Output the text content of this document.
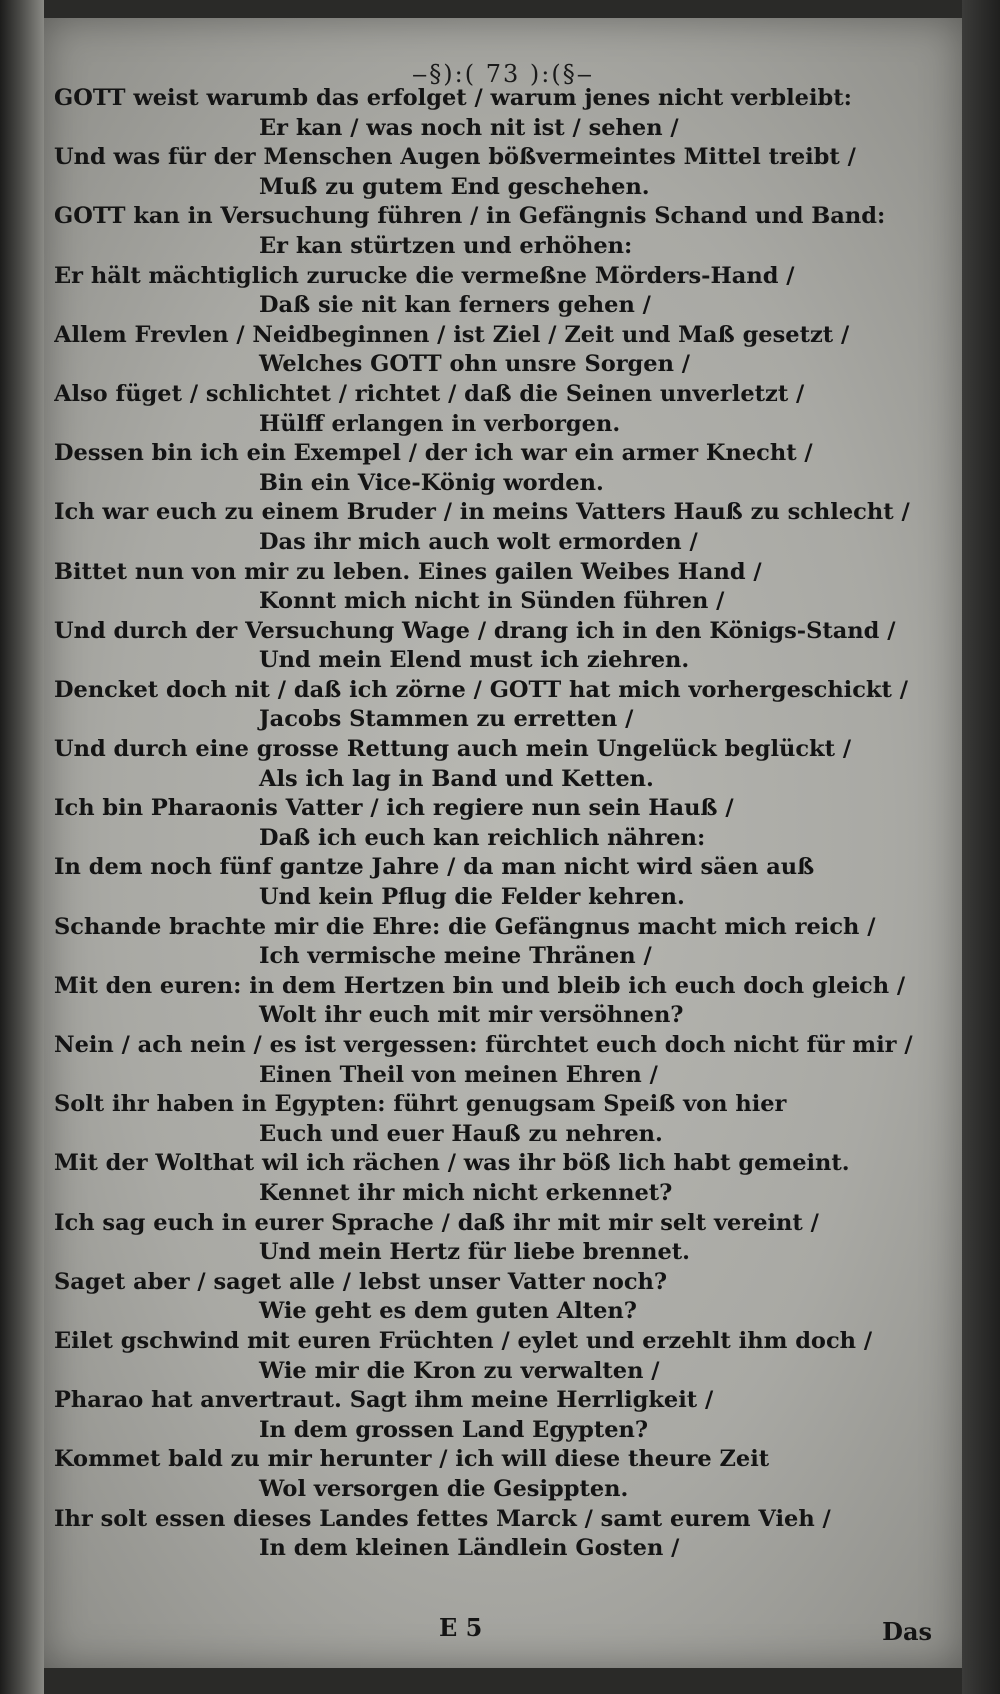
‒§):( 73 ):(§‒
GOTT weist warumb das erfolget / warum jenes nicht verbleibt:
Er kan / was noch nit ist / sehen /
Und was für der Menschen Augen bößvermeintes Mittel treibt /
Muß zu gutem End geschehen.
GOTT kan in Versuchung führen / in Gefängnis Schand und Band:
Er kan stürtzen und erhöhen:
Er hält mächtiglich zurucke die vermeßne Mörders-Hand /
Daß sie nit kan ferners gehen /
Allem Frevlen / Neidbeginnen / ist Ziel / Zeit und Maß gesetzt /
Welches GOTT ohn unsre Sorgen /
Also füget / schlichtet / richtet / daß die Seinen unverletzt /
Hülff erlangen in verborgen.
Dessen bin ich ein Exempel / der ich war ein armer Knecht /
Bin ein Vice-König worden.
Ich war euch zu einem Bruder / in meins Vatters Hauß zu schlecht /
Das ihr mich auch wolt ermorden /
Bittet nun von mir zu leben. Eines gailen Weibes Hand /
Konnt mich nicht in Sünden führen /
Und durch der Versuchung Wage / drang ich in den Königs-Stand /
Und mein Elend must ich ziehren.
Dencket doch nit / daß ich zörne / GOTT hat mich vorhergeschickt /
Jacobs Stammen zu erretten /
Und durch eine grosse Rettung auch mein Ungelück beglückt /
Als ich lag in Band und Ketten.
Ich bin Pharaonis Vatter / ich regiere nun sein Hauß /
Daß ich euch kan reichlich nähren:
In dem noch fünf gantze Jahre / da man nicht wird säen auß
Und kein Pflug die Felder kehren.
Schande brachte mir die Ehre: die Gefängnus macht mich reich /
Ich vermische meine Thränen /
Mit den euren: in dem Hertzen bin und bleib ich euch doch gleich /
Wolt ihr euch mit mir versöhnen?
Nein / ach nein / es ist vergessen: fürchtet euch doch nicht für mir /
Einen Theil von meinen Ehren /
Solt ihr haben in Egypten: führt genugsam Speiß von hier
Euch und euer Hauß zu nehren.
Mit der Wolthat wil ich rächen / was ihr böß lich habt gemeint.
Kennet ihr mich nicht erkennet?
Ich sag euch in eurer Sprache / daß ihr mit mir selt vereint /
Und mein Hertz für liebe brennet.
Saget aber / saget alle / lebst unser Vatter noch?
Wie geht es dem guten Alten?
Eilet gschwind mit euren Früchten / eylet und erzehlt ihm doch /
Wie mir die Kron zu verwalten /
Pharao hat anvertraut. Sagt ihm meine Herrligkeit /
In dem grossen Land Egypten?
Kommet bald zu mir herunter / ich will diese theure Zeit
Wol versorgen die Gesippten.
Ihr solt essen dieses Landes fettes Marck / samt eurem Vieh /
In dem kleinen Ländlein Gosten /
E 5	Das
